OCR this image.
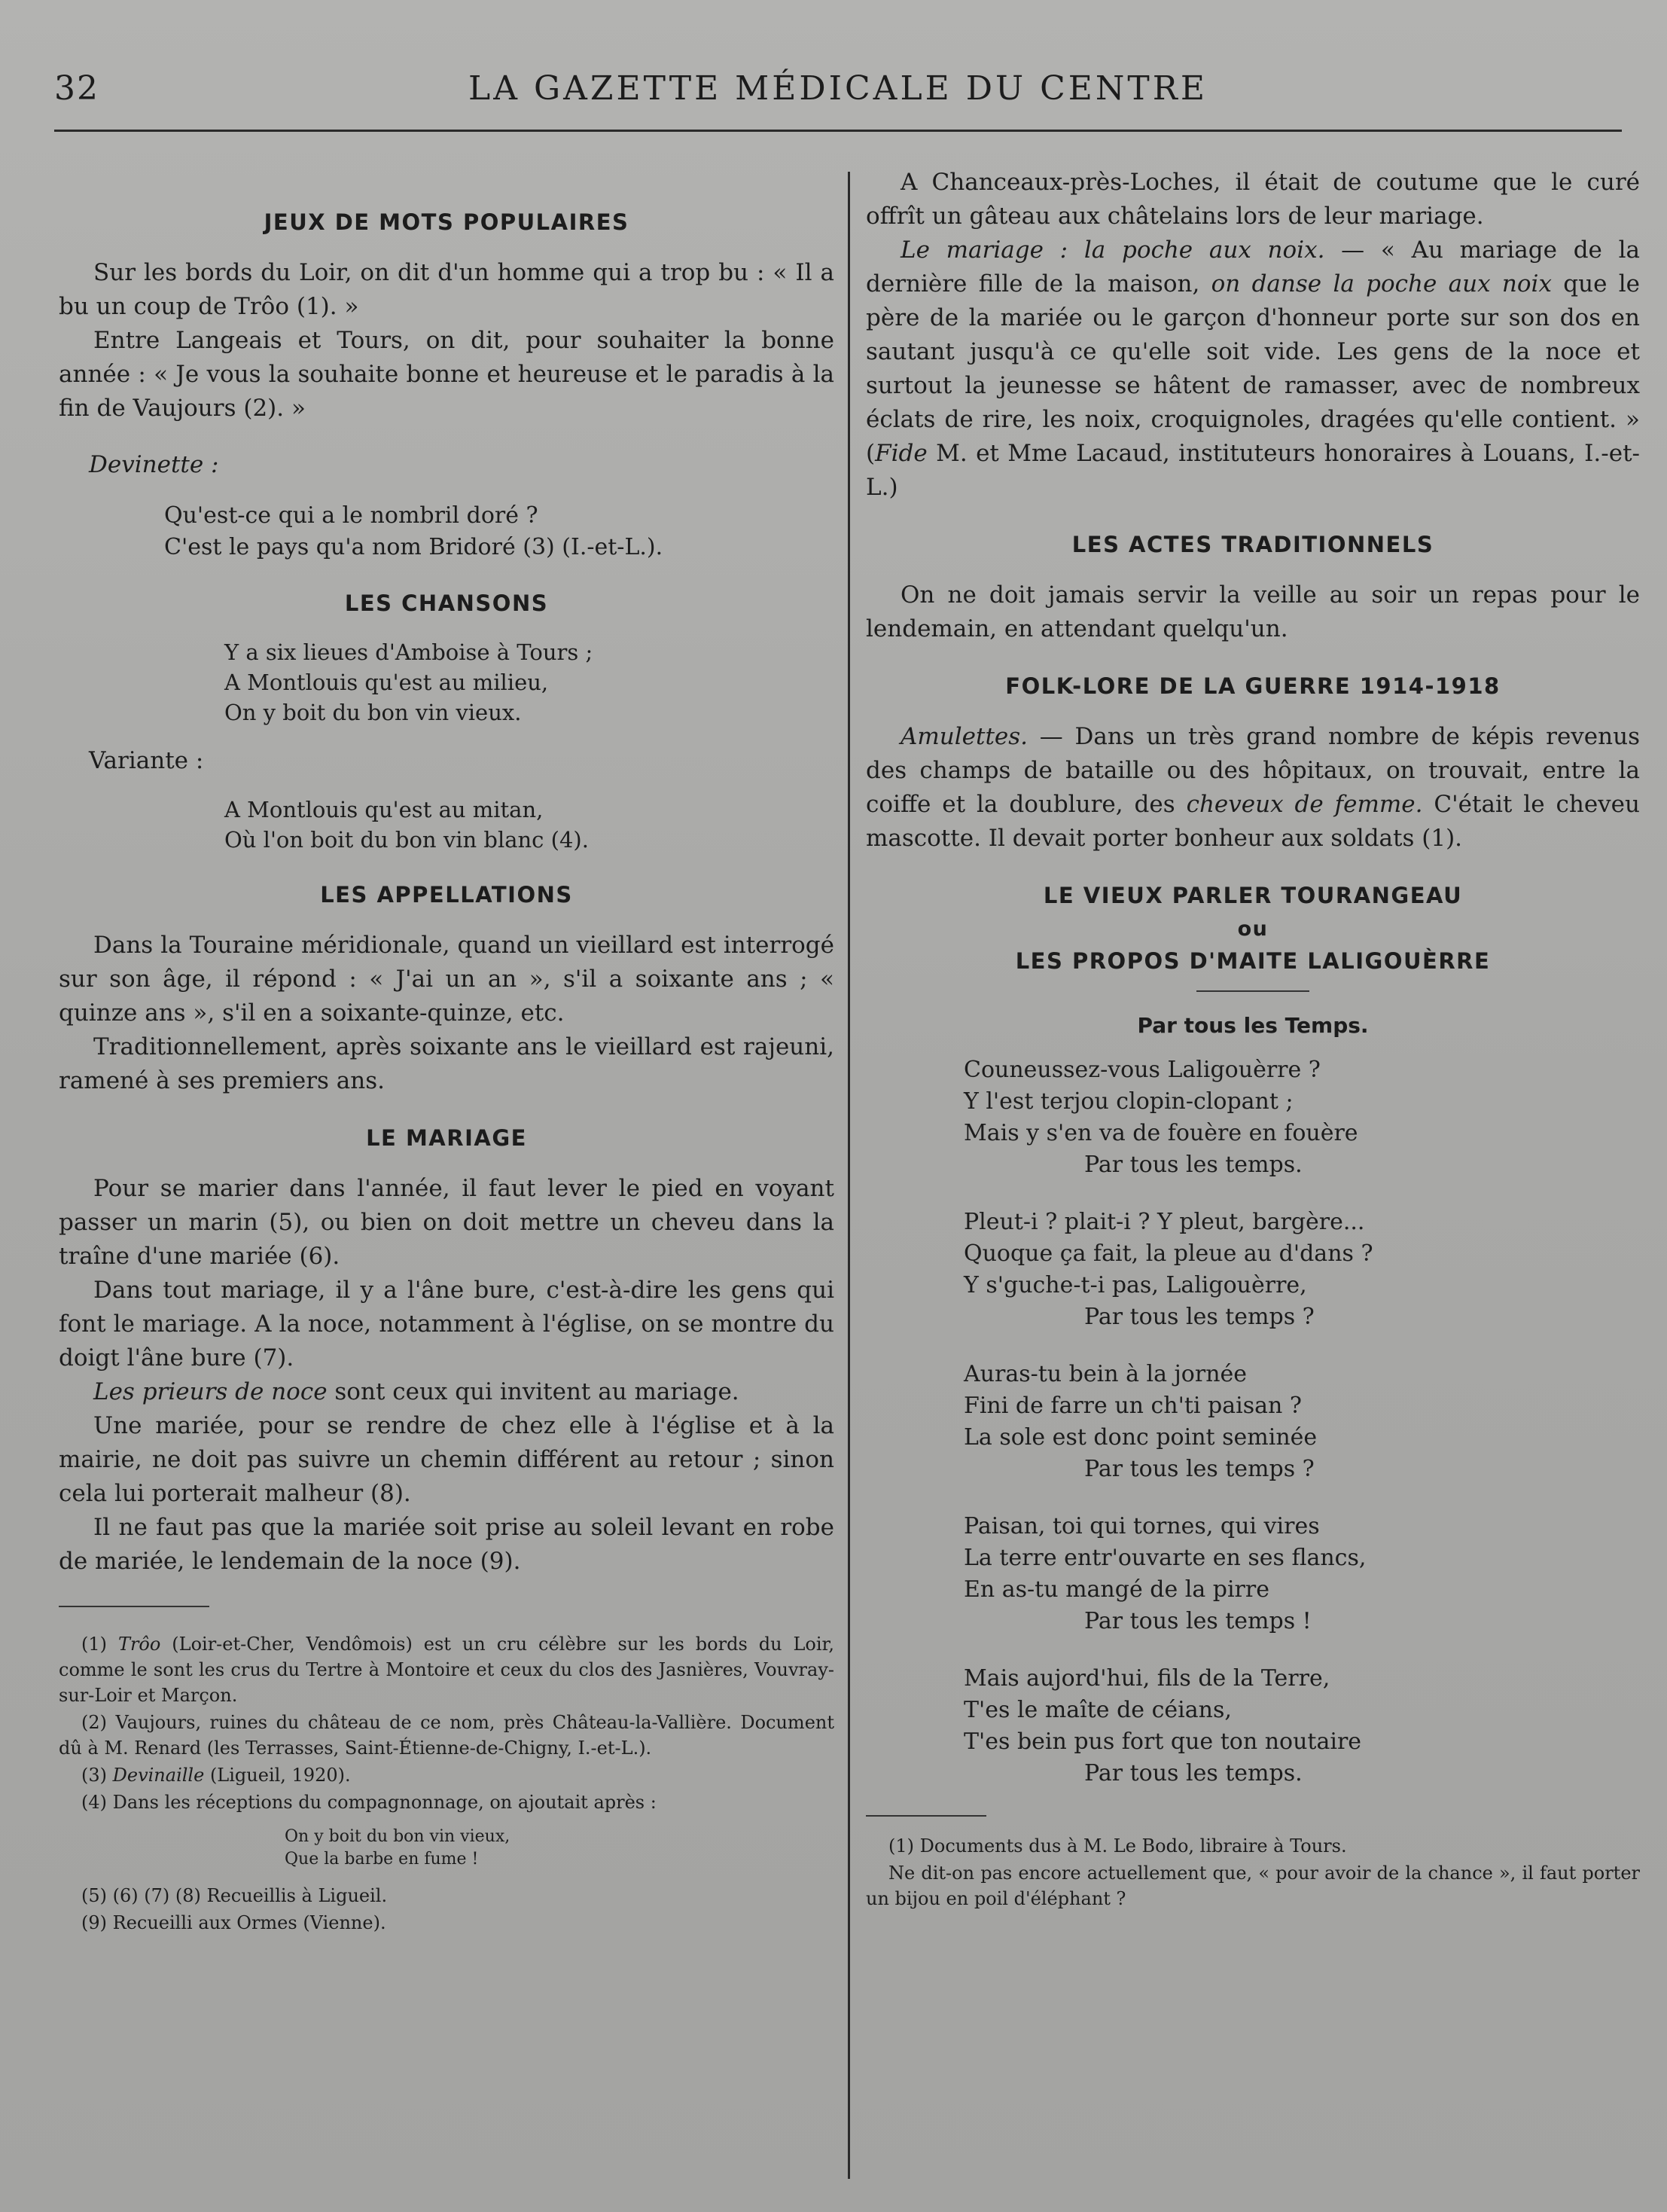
32	LA GAZETTE MÉDICALE DU CENTRE
JEUX DE MOTS POPULAIRES

Sur les bords du Loir, on dit d'un homme qui a trop bu : « Il a bu un coup de Trôo (1). »

Entre Langeais et Tours, on dit, pour souhaiter la bonne année : « Je vous la souhaite bonne et heureuse et le paradis à la fin de Vaujours (2). »

Devinette :

Qu'est-ce qui a le nombril doré ?
C'est le pays qu'a nom Bridoré (3) (I.-et-L.).
LES CHANSONS
Y a six lieues d'Amboise à Tours ;
A Montlouis qu'est au milieu,
On y boit du bon vin vieux.

Variante :

A Montlouis qu'est au mitan,
Où l'on boit du bon vin blanc (4).
LES APPELLATIONS

Dans la Touraine méridionale, quand un vieillard est interrogé sur son âge, il répond : « J'ai un an », s'il a soixante ans ; « quinze ans », s'il en a soixante-quinze, etc.

Traditionnellement, après soixante ans le vieillard est rajeuni, ramené à ses premiers ans.

LE MARIAGE

Pour se marier dans l'année, il faut lever le pied en voyant passer un marin (5), ou bien on doit mettre un cheveu dans la traîne d'une mariée (6).

Dans tout mariage, il y a l'âne bure, c'est-à-dire les gens qui font le mariage. A la noce, notamment à l'église, on se montre du doigt l'âne bure (7).

Les prieurs de noce sont ceux qui invitent au mariage.

Une mariée, pour se rendre de chez elle à l'église et à la mairie, ne doit pas suivre un chemin différent au retour ; sinon cela lui porterait malheur (8).

Il ne faut pas que la mariée soit prise au soleil levant en robe de mariée, le lendemain de la noce (9).

(1) Trôo (Loir-et-Cher, Vendômois) est un cru célèbre sur les bords du Loir, comme le sont les crus du Tertre à Montoire et ceux du clos des Jasnières, Vouvray-sur-Loir et Marçon.

(2) Vaujours, ruines du château de ce nom, près Château-la-Vallière. Document dû à M. Renard (les Terrasses, Saint-Étienne-de-Chigny, I.-et-L.).

(3) Devinaille (Ligueil, 1920).

(4) Dans les réceptions du compagnonnage, on ajoutait après :

On y boit du bon vin vieux,
Que la barbe en fume !

(5) (6) (7) (8) Recueillis à Ligueil.

(9) Recueilli aux Ormes (Vienne).

A Chanceaux-près-Loches, il était de coutume que le curé offrît un gâteau aux châtelains lors de leur mariage.

Le mariage : la poche aux noix. — « Au mariage de la dernière fille de la maison, on danse la poche aux noix que le père de la mariée ou le garçon d'honneur porte sur son dos en sautant jusqu'à ce qu'elle soit vide. Les gens de la noce et surtout la jeunesse se hâtent de ramasser, avec de nombreux éclats de rire, les noix, croquignoles, dragées qu'elle contient. » (Fide M. et Mme Lacaud, instituteurs honoraires à Louans, I.-et-L.)

LES ACTES TRADITIONNELS

On ne doit jamais servir la veille au soir un repas pour le lendemain, en attendant quelqu'un.

FOLK-LORE DE LA GUERRE 1914-1918

Amulettes. — Dans un très grand nombre de képis revenus des champs de bataille ou des hôpitaux, on trouvait, entre la coiffe et la doublure, des cheveux de femme. C'était le cheveu mascotte. Il devait porter bonheur aux soldats (1).

LE VIEUX PARLER TOURANGEAU
ou
LES PROPOS D'MAITE LALIGOUÈRRE
Par tous les Temps.
Couneussez-vous Laligouèrre ?
Y l'est terjou clopin-clopant ;
Mais y s'en va de fouère en fouère
Par tous les temps.
Pleut-i ? plait-i ? Y pleut, bargère...
Quoque ça fait, la pleue au d'dans ?
Y s'guche-t-i pas, Laligouèrre,
Par tous les temps ?
Auras-tu bein à la jornée
Fini de farre un ch'ti paisan ?
La sole est donc point seminée
Par tous les temps ?
Paisan, toi qui tornes, qui vires
La terre entr'ouvarte en ses flancs,
En as-tu mangé de la pirre
Par tous les temps !
Mais aujord'hui, fils de la Terre,
T'es le maîte de céians,
T'es bein pus fort que ton noutaire
Par tous les temps.

(1) Documents dus à M. Le Bodo, libraire à Tours.

Ne dit-on pas encore actuellement que, « pour avoir de la chance », il faut porter un bijou en poil d'éléphant ?
